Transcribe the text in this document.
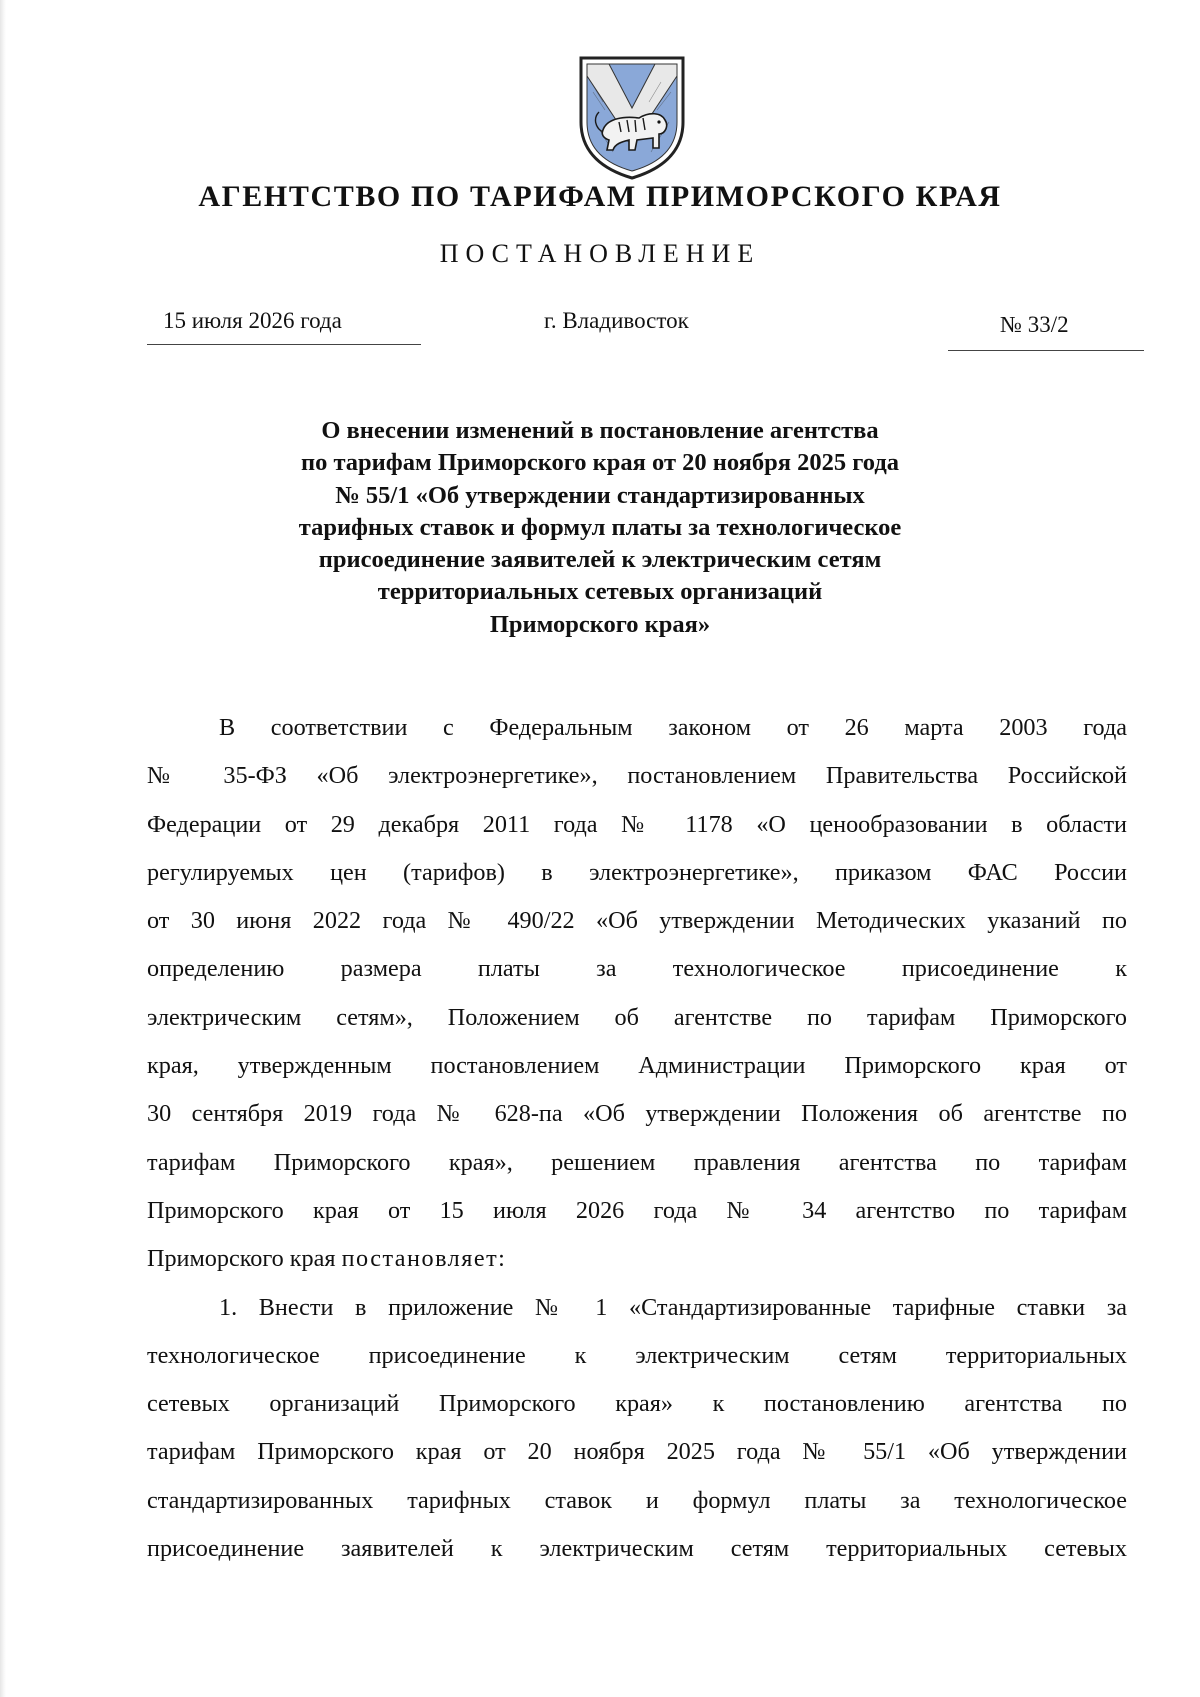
АГЕНТСТВО ПО ТАРИФАМ ПРИМОРСКОГО КРАЯ
ПОСТАНОВЛЕНИЕ
15 июля 2026 года	г. Владивосток	№ 33/2
О внесении изменений в постановление агентства
по тарифам Приморского края от 20 ноября 2025 года
№ 55/1 «Об утверждении стандартизированных
тарифных ставок и формул платы за технологическое
присоединение заявителей к электрическим сетям
территориальных сетевых организаций
Приморского края»
В соответствии с Федеральным законом от 26 марта 2003 года
№ 35-ФЗ «Об электроэнергетике», постановлением Правительства Российской
Федерации от 29 декабря 2011 года № 1178 «О ценообразовании в области
регулируемых цен (тарифов) в электроэнергетике», приказом ФАС России
от 30 июня 2022 года № 490/22 «Об утверждении Методических указаний по
определению размера платы за технологическое присоединение к
электрическим сетям», Положением об агентстве по тарифам Приморского
края, утвержденным постановлением Администрации Приморского края от
30 сентября 2019 года № 628-па «Об утверждении Положения об агентстве по
тарифам Приморского края», решением правления агентства по тарифам
Приморского края от 15 июля 2026 года № 34 агентство по тарифам
Приморского края постановляет:
1. Внести в приложение № 1 «Стандартизированные тарифные ставки за
технологическое присоединение к электрическим сетям территориальных
сетевых организаций Приморского края» к постановлению агентства по
тарифам Приморского края от 20 ноября 2025 года № 55/1 «Об утверждении
стандартизированных тарифных ставок и формул платы за технологическое
присоединение заявителей к электрическим сетям территориальных сетевых
